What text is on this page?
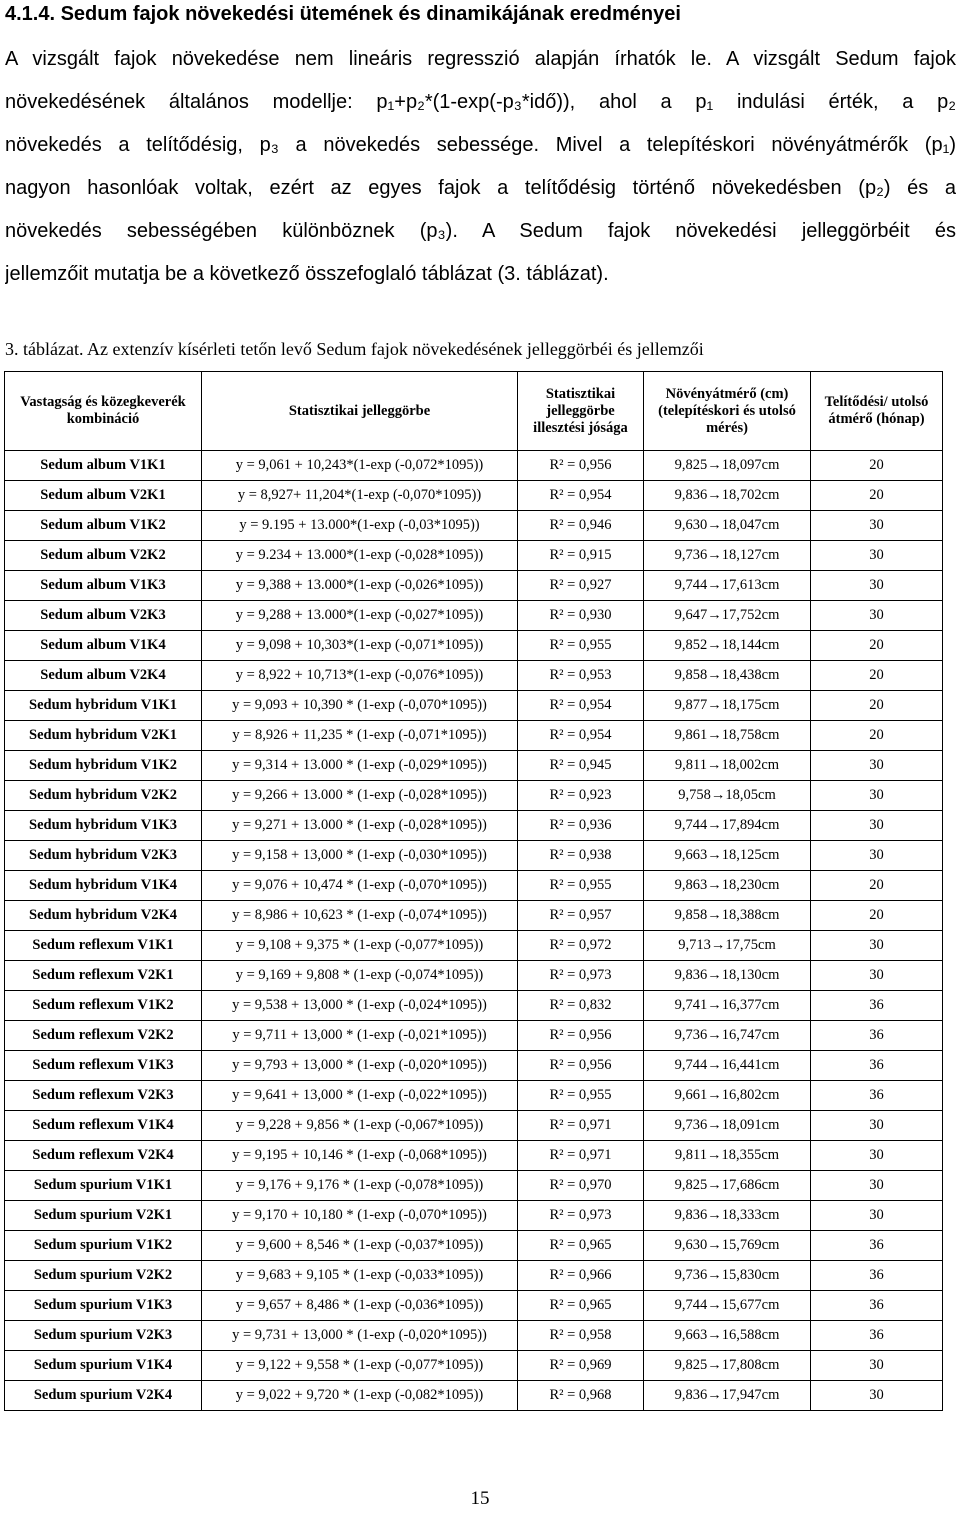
4.1.4. Sedum fajok növekedési ütemének és dinamikájának eredményei
A vizsgált fajok növekedése nem lineáris regresszió alapján írhatók le. A vizsgált Sedum fajok
növekedésének általános modellje: p₁+p₂*(1-exp(-p₃*idő)), ahol a p₁ indulási érték, a p₂
növekedés a telítődésig, p₃ a növekedés sebessége. Mivel a telepítéskori növényátmérők (p₁)
nagyon hasonlóak voltak, ezért az egyes fajok a telítődésig történő növekedésben (p₂) és a
növekedés sebességében különböznek (p₃). A Sedum fajok növekedési jelleggörbéit és
jellemzőit mutatja be a következő összefoglaló táblázat (3. táblázat).
3. táblázat. Az extenzív kísérleti tetőn levő Sedum fajok növekedésének jelleggörbéi és jellemzői
Vastagság és közegkeverék kombináció	Statisztikai jelleggörbe	Statisztikai jelleggörbe illesztési jósága	Növényátmérő (cm) (telepítéskori és utolsó mérés)	Telítődési/ utolsó átmérő (hónap)
Sedum album V1K1	y = 9,061 + 10,243*(1-exp (-0,072*1095))	R² = 0,956	9,825→18,097cm	20
Sedum album V2K1	y = 8,927+ 11,204*(1-exp (-0,070*1095))	R² = 0,954	9,836→18,702cm	20
Sedum album V1K2	y = 9.195 + 13.000*(1-exp (-0,03*1095))	R² = 0,946	9,630→18,047cm	30
Sedum album V2K2	y = 9.234 + 13.000*(1-exp (-0,028*1095))	R² = 0,915	9,736→18,127cm	30
Sedum album V1K3	y = 9,388 + 13.000*(1-exp (-0,026*1095))	R² = 0,927	9,744→17,613cm	30
Sedum album V2K3	y = 9,288 + 13.000*(1-exp (-0,027*1095))	R² = 0,930	9,647→17,752cm	30
Sedum album V1K4	y = 9,098 + 10,303*(1-exp (-0,071*1095))	R² = 0,955	9,852→18,144cm	20
Sedum album V2K4	y = 8,922 + 10,713*(1-exp (-0,076*1095))	R² = 0,953	9,858→18,438cm	20
Sedum hybridum V1K1	y = 9,093 + 10,390 * (1-exp (-0,070*1095))	R² = 0,954	9,877→18,175cm	20
Sedum hybridum V2K1	y = 8,926 + 11,235 * (1-exp (-0,071*1095))	R² = 0,954	9,861→18,758cm	20
Sedum hybridum V1K2	y = 9,314 + 13.000 * (1-exp (-0,029*1095))	R² = 0,945	9,811→18,002cm	30
Sedum hybridum V2K2	y = 9,266 + 13.000 * (1-exp (-0,028*1095))	R² = 0,923	9,758→18,05cm	30
Sedum hybridum V1K3	y = 9,271 + 13.000 * (1-exp (-0,028*1095))	R² = 0,936	9,744→17,894cm	30
Sedum hybridum V2K3	y = 9,158 + 13,000 * (1-exp (-0,030*1095))	R² = 0,938	9,663→18,125cm	30
Sedum hybridum V1K4	y = 9,076 + 10,474 * (1-exp (-0,070*1095))	R² = 0,955	9,863→18,230cm	20
Sedum hybridum V2K4	y = 8,986 + 10,623 * (1-exp (-0,074*1095))	R² = 0,957	9,858→18,388cm	20
Sedum reflexum V1K1	y = 9,108 + 9,375 * (1-exp (-0,077*1095))	R² = 0,972	9,713→17,75cm	30
Sedum reflexum V2K1	y = 9,169 + 9,808 * (1-exp (-0,074*1095))	R² = 0,973	9,836→18,130cm	30
Sedum reflexum V1K2	y = 9,538 + 13,000 * (1-exp (-0,024*1095))	R² = 0,832	9,741→16,377cm	36
Sedum reflexum V2K2	y = 9,711 + 13,000 * (1-exp (-0,021*1095))	R² = 0,956	9,736→16,747cm	36
Sedum reflexum V1K3	y = 9,793 + 13,000 * (1-exp (-0,020*1095))	R² = 0,956	9,744→16,441cm	36
Sedum reflexum V2K3	y = 9,641 + 13,000 * (1-exp (-0,022*1095))	R² = 0,955	9,661→16,802cm	36
Sedum reflexum V1K4	y = 9,228 + 9,856 * (1-exp (-0,067*1095))	R² = 0,971	9,736→18,091cm	30
Sedum reflexum V2K4	y = 9,195 + 10,146 * (1-exp (-0,068*1095))	R² = 0,971	9,811→18,355cm	30
Sedum spurium V1K1	y = 9,176 + 9,176 * (1-exp (-0,078*1095))	R² = 0,970	9,825→17,686cm	30
Sedum spurium V2K1	y = 9,170 + 10,180 * (1-exp (-0,070*1095))	R² = 0,973	9,836→18,333cm	30
Sedum spurium V1K2	y = 9,600 + 8,546 * (1-exp (-0,037*1095))	R² = 0,965	9,630→15,769cm	36
Sedum spurium V2K2	y = 9,683 + 9,105 * (1-exp (-0,033*1095))	R² = 0,966	9,736→15,830cm	36
Sedum spurium V1K3	y = 9,657 + 8,486 * (1-exp (-0,036*1095))	R² = 0,965	9,744→15,677cm	36
Sedum spurium V2K3	y = 9,731 + 13,000 * (1-exp (-0,020*1095))	R² = 0,958	9,663→16,588cm	36
Sedum spurium V1K4	y = 9,122 + 9,558 * (1-exp (-0,077*1095))	R² = 0,969	9,825→17,808cm	30
Sedum spurium V2K4	y = 9,022 + 9,720 * (1-exp (-0,082*1095))	R² = 0,968	9,836→17,947cm	30
15
